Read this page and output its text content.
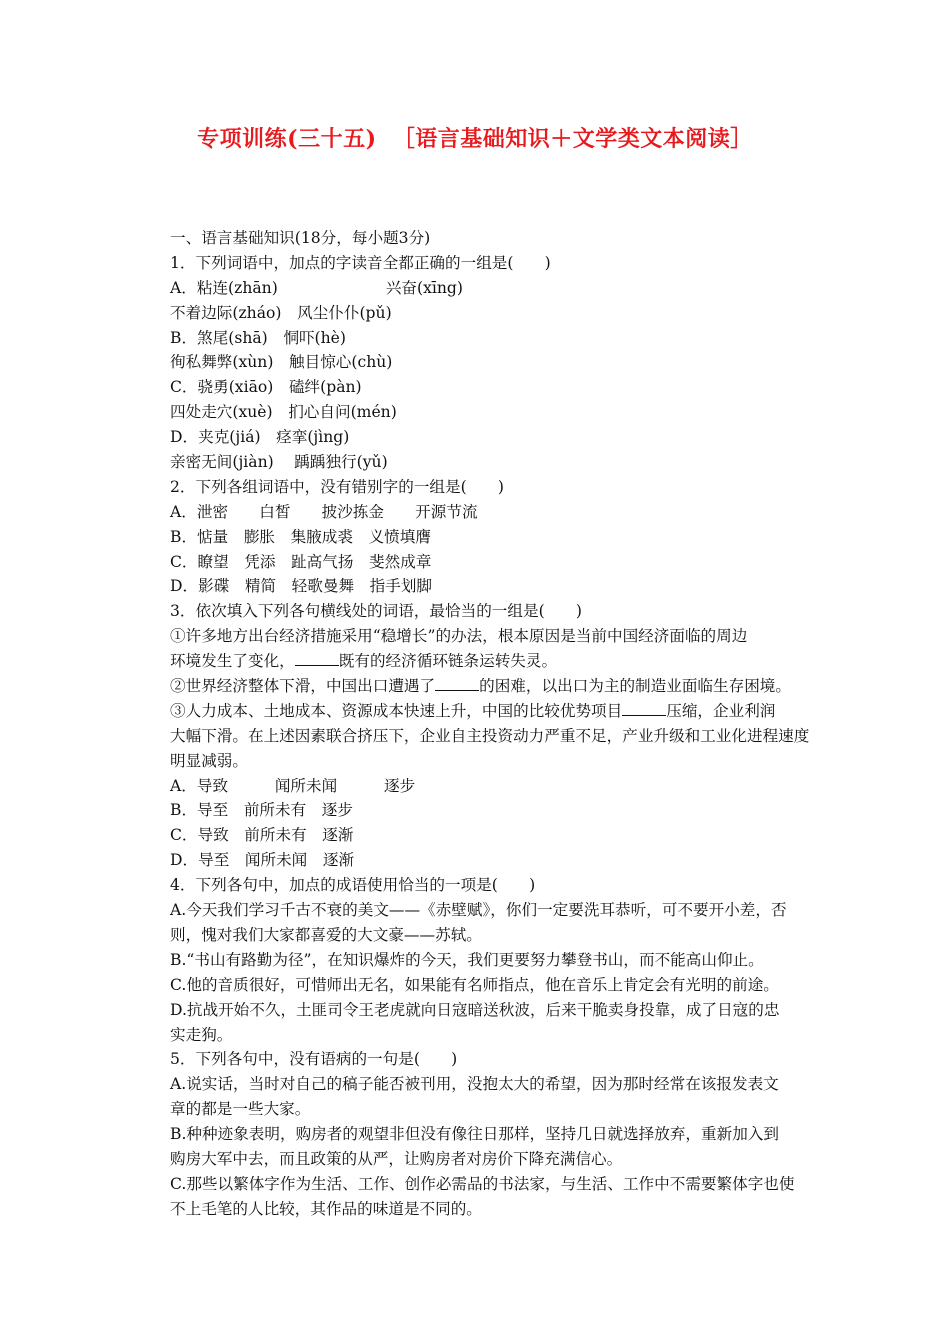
专项训练(三十五)  ［语言基础知识＋文学类文本阅读］
一、语言基础知识(18分，每小题3分)
1．下列词语中，加点的字读音全都正确的一组是(　　)
A．粘连(zhān)	兴奋(xīng)
不着边际(zháo)　风尘仆仆(pǔ)
B．煞尾(shā)　恫吓(hè)
徇私舞弊(xùn)　触目惊心(chù)
C．骁勇(xiāo)　磕绊(pàn)
四处走穴(xuè)　扪心自问(mén)
D．夹克(jiá)　痉挛(jìng)
亲密无间(jiàn)　 踽踽独行(yǔ)
2．下列各组词语中，没有错别字的一组是(　　)
A．泄密　　白皙　　披沙拣金　　开源节流
B．惦量　膨胀　集腋成裘　义愤填膺
C．瞭望　凭添　趾高气扬　斐然成章
D．影碟　精简　轻歌曼舞　指手划脚
3．依次填入下列各句横线处的词语，最恰当的一组是(　　)
①许多地方出台经济措施采用“稳增长”的办法，根本原因是当前中国经济面临的周边
环境发生了变化，	既有的经济循环链条运转失灵。
②世界经济整体下滑，中国出口遭遇了	的困难，以出口为主的制造业面临生存困境。
③人力成本、土地成本、资源成本快速上升，中国的比较优势项目	压缩，企业利润
大幅下滑。在上述因素联合挤压下，企业自主投资动力严重不足，产业升级和工业化进程速度
明显减弱。
A．导致　　　闻所未闻　　　逐步
B．导至　前所未有　逐步
C．导致　前所未有　逐渐
D．导至　闻所未闻　逐渐
4．下列各句中，加点的成语使用恰当的一项是(　　)
A.今天我们学习千古不衰的美文——《赤壁赋》，你们一定要洗耳恭听，可不要开小差，否
则，愧对我们大家都喜爱的大文豪——苏轼。
B.“书山有路勤为径”，在知识爆炸的今天，我们更要努力攀登书山，而不能高山仰止。
C.他的音质很好，可惜师出无名，如果能有名师指点，他在音乐上肯定会有光明的前途。
D.抗战开始不久，土匪司令王老虎就向日寇暗送秋波，后来干脆卖身投靠，成了日寇的忠
实走狗。
5．下列各句中，没有语病的一句是(　　)
A.说实话，当时对自己的稿子能否被刊用，没抱太大的希望，因为那时经常在该报发表文
章的都是一些大家。
B.种种迹象表明，购房者的观望非但没有像往日那样，坚持几日就选择放弃，重新加入到
购房大军中去，而且政策的从严，让购房者对房价下降充满信心。
C.那些以繁体字作为生活、工作、创作必需品的书法家，与生活、工作中不需要繁体字也使
不上毛笔的人比较，其作品的味道是不同的。
